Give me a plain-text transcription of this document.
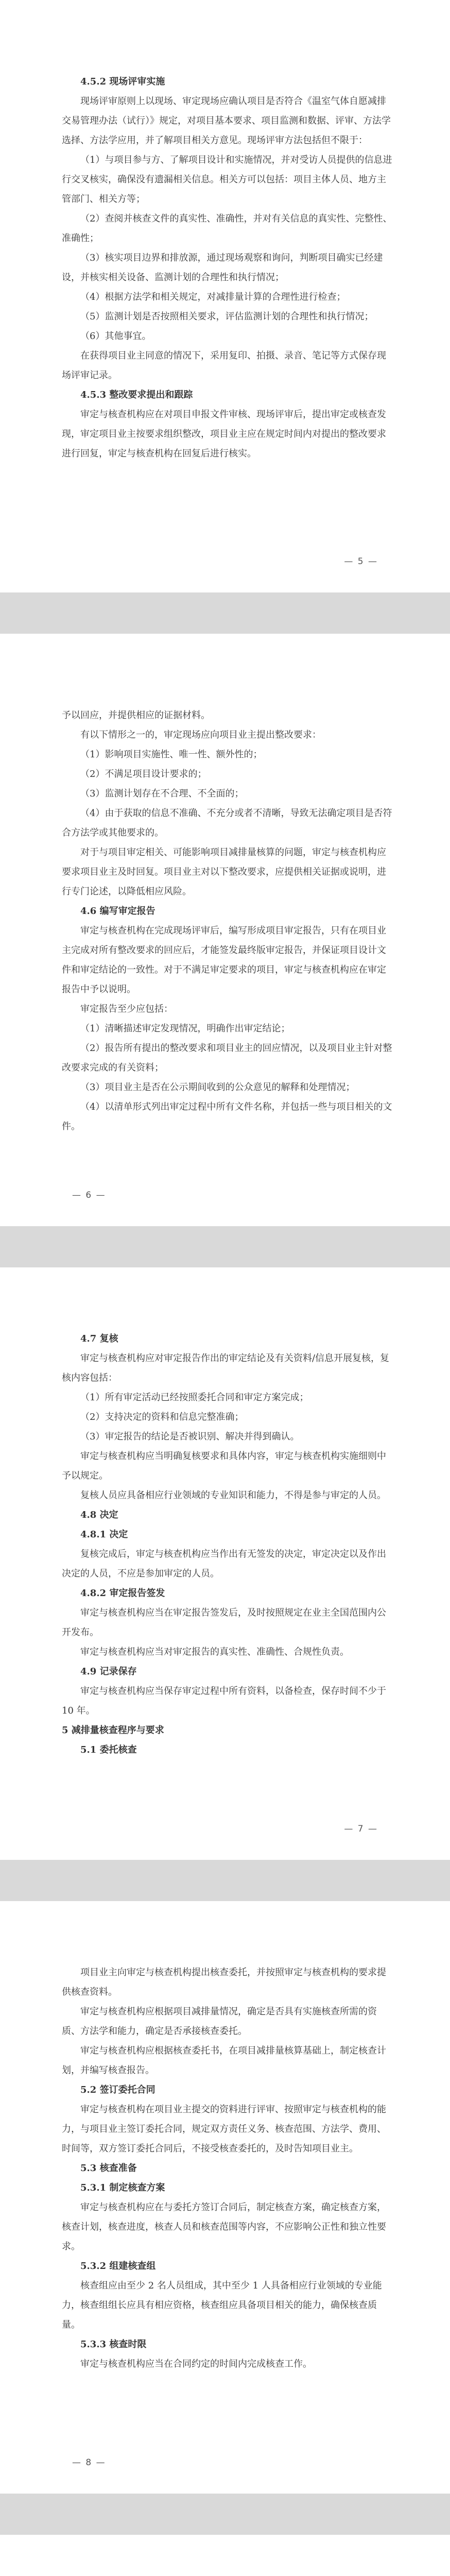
4.5.2 现场评审实施
现场评审原则上以现场、审定现场应确认项目是否符合《温室气体自愿减排交易管理办法（试行）》规定，对项目基本要求、项目监测和数据、评审、方法学选择、方法学应用，并了解项目相关方意见。现场评审方法包括但不限于：
（1）与项目参与方、了解项目设计和实施情况，并对受访人员提供的信息进行交叉核实，确保没有遗漏相关信息。相关方可以包括：项目主体人员、地方主管部门、相关方等；
（2）查阅并核查文件的真实性、准确性，并对有关信息的真实性、完整性、准确性；
（3）核实项目边界和排放源，通过现场观察和询问，判断项目确实已经建设，并核实相关设备、监测计划的合理性和执行情况；
（4）根据方法学和相关规定，对减排量计算的合理性进行检查；
（5）监测计划是否按照相关要求，评估监测计划的合理性和执行情况；
（6）其他事宜。
在获得项目业主同意的情况下，采用复印、拍摄、录音、笔记等方式保存现场评审记录。
4.5.3 整改要求提出和跟踪
审定与核查机构应在对项目申报文件审核、现场评审后，提出审定或核查发现，审定项目业主按要求组织整改，项目业主应在规定时间内对提出的整改要求进行回复，审定与核查机构在回复后进行核实。
— 5 —
予以回应，并提供相应的证据材料。
有以下情形之一的，审定现场应向项目业主提出整改要求：
（1）影响项目实施性、唯一性、额外性的；
（2）不满足项目设计要求的；
（3）监测计划存在不合理、不全面的；
（4）由于获取的信息不准确、不充分或者不清晰，导致无法确定项目是否符合方法学或其他要求的。
对于与项目审定相关、可能影响项目减排量核算的问题，审定与核查机构应要求项目业主及时回复。项目业主对以下整改要求，应提供相关证据或说明，进行专门论述，以降低相应风险。
4.6 编写审定报告
审定与核查机构在完成现场评审后，编写形成项目审定报告，只有在项目业主完成对所有整改要求的回应后，才能签发最终版审定报告，并保证项目设计文件和审定结论的一致性。对于不满足审定要求的项目，审定与核查机构应在审定报告中予以说明。
审定报告至少应包括：
（1）清晰描述审定发现情况，明确作出审定结论；
（2）报告所有提出的整改要求和项目业主的回应情况，以及项目业主针对整改要求完成的有关资料；
（3）项目业主是否在公示期间收到的公众意见的解释和处理情况；
（4）以清单形式列出审定过程中所有文件名称，并包括一些与项目相关的文件。
— 6 —
4.7 复核
审定与核查机构应对审定报告作出的审定结论及有关资料/信息开展复核，复核内容包括：
（1）所有审定活动已经按照委托合同和审定方案完成；
（2）支持决定的资料和信息完整准确；
（3）审定报告的结论是否被识别、解决并得到确认。
审定与核查机构应当明确复核要求和具体内容，审定与核查机构实施细则中予以规定。
复核人员应具备相应行业领域的专业知识和能力，不得是参与审定的人员。
4.8 决定
4.8.1 决定
复核完成后，审定与核查机构应当作出有无签发的决定，审定决定以及作出决定的人员，不应是参加审定的人员。
4.8.2 审定报告签发
审定与核查机构应当在审定报告签发后，及时按照规定在业主全国范围内公开发布。
审定与核查机构应当对审定报告的真实性、准确性、合规性负责。
4.9 记录保存
审定与核查机构应当保存审定过程中所有资料，以备检查，保存时间不少于 10 年。
5 减排量核查程序与要求
5.1 委托核查
— 7 —
项目业主向审定与核查机构提出核查委托，并按照审定与核查机构的要求提供核查资料。
审定与核查机构应根据项目减排量情况，确定是否具有实施核查所需的资质、方法学和能力，确定是否承接核查委托。
审定与核查机构应根据核查委托书，在项目减排量核算基础上，制定核查计划，并编写核查报告。
5.2 签订委托合同
审定与核查机构在项目业主提交的资料进行评审、按照审定与核查机构的能力，与项目业主签订委托合同，规定双方责任义务、核查范围、方法学、费用、时间等，双方签订委托合同后，不接受核查委托的，及时告知项目业主。
5.3 核查准备
5.3.1 制定核查方案
审定与核查机构应在与委托方签订合同后，制定核查方案，确定核查方案，核查计划，核查进度，核查人员和核查范围等内容，不应影响公正性和独立性要求。
5.3.2 组建核查组
核查组应由至少 2 名人员组成，其中至少 1 人具备相应行业领域的专业能力，核查组组长应具有相应资格，核查组应具备项目相关的能力，确保核查质量。
5.3.3 核查时限
审定与核查机构应当在合同约定的时间内完成核查工作。
— 8 —
